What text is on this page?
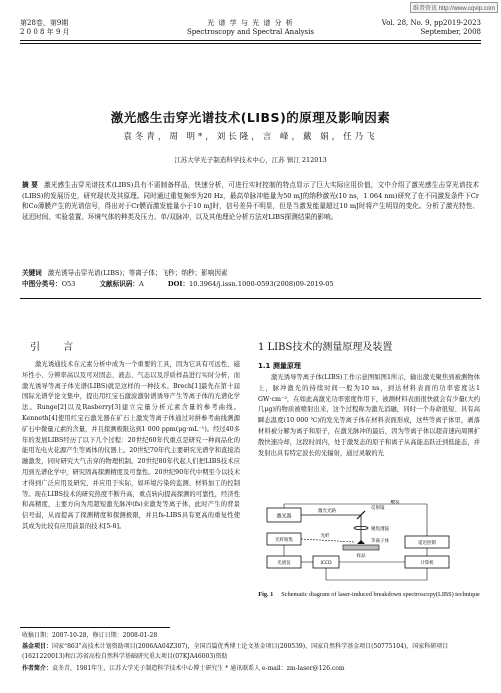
维普资讯 http://www.cqvip.com
第28卷，第9期
2 0 0 8 年 9 月
光 谱 学 与 光 谱 分 析
Spectroscopy and Spectral Analysis
Vol. 28, No. 9, pp2019-2023
September, 2008
激光感生击穿光谱技术(LIBS)的原理及影响因素
袁冬青，周 明*，刘长隆，言 峰，戴 娟，任乃飞
江苏大学光子制造科学技术中心，江苏 镇江 212013
摘 要 激光感生击穿光谱技术(LIBS)具有不需制备样品，快速分析，可进行实时控制的特点显示了巨大实际应用价值，文中介绍了激光感生击穿光谱技术(LIBS)的发展历史，研究现状及其原理。同时通过重复频率为20 Hz，最高单脉冲能量为50 mJ的纳秒激光(10 ns，1 064 nm)研究了在不同激发条件下Cr和Co薄膜产生的光谱信号，得出对于Cr膜而激发能量小于10 mJ时，信号差异不明显，但是当激发能量超过10 mJ时将产生明显的变化。分析了激光特性、延迟时间、实验装置、环境气体的种类及压力、单/双脉冲，以及其他理论分析方法对LIBS探测结果的影响。
关键词 激光诱导击穿光谱(LIBS)；等离子体；飞秒；纳秒；影响因素
中图分类号：O53	文献标识码：A	DOI：10.3964/j.issn.1000-0593(2008)09-2019-05
引 言	1 LIBS技术的测量原理及装置
激光诱通技术在元素分析中成为一个重要的工具，因为它具有可远性、磁坏性小、分辨率高以及可对固态、液态、气态以及浮质样品进行实时分析，而激光诱导等离子体光谱(LIBS)就是这样的一种技术。Brech[1]最先在第十届国际光谱学论文集中，提出用红宝石激波激射谱诱导产生等离子体的光谱化学法。Runge[2]以及Rasberry[3]建立完量分析元素含量的参考曲线。Kenneth[4]使用红宝石激光器在矿石上激发等离子体通过对拼参考曲线测源矿石中微量元素的含量，并且探测极限达到1 000 ppm(μg·mL⁻¹)。经过40多年的发展LIBS经历了以下几个过程：20世纪60年代重点是研究一种商品化的能用光电火花源产生等离体的仪器上。20世纪70年代主要研究光谱学和直接消融激发，同时研究大气击穿的物理机制。20世纪80年代起人们把LIBS技术应用到光谱化学中，研究固高探测精度及可靠性。20世纪90年代中期至今以技术才得到广泛应用及研究，并应用于实际，如环境污染的监测、材料加工的控制等。现在LIBS技术的研究热度不断升高，重点转向提高探测的可靠性，经济性和高精度，主要方向为用超短激光脉冲(fs)来激发等离子体，此时产生的背景信号弱，从而提高了探测精度和探测极限，并且fs-LIBS具有更高的重复性使其成为比较有应用前景的技术[5-8]。
1.1 测量原理
激光诱导等离子体(LIBS)工作示意图如图1所示，输出激光聚焦到被测物体上，脉冲激光的持续时间一般为10 ns，到达材料表面的功率密度达1 GW·cm⁻²，在如此高激光功率密度作用下，被测材料表面很快就会有少量(大约几μg)的物质被喷射出来，这个过程称为激光消融，同时一个寿命很短、具有高瞬态温度(10 000 ℃)的发光等离子体在材料表面形成，这些等离子体里，剥落材料被分解为离子和原子，在激光脉冲的最后，因为等离子体以超音速向周围扩散快速冷却，这段时间内，处于激发态的原子和离子从高能态跃迁到低能态，并发射出具有特定波长的光辐射，通过灵敏的光
激光器
激光光路
反射镜
聚焦透镜
等离子体
样品
光纤收集
光纤
光谱仪	ICCD
延迟控制
计算机
触发
Fig. 1 Schematic diagram of laser-induced breakdown spectroscopy(LIBS) technique
收稿日期：2007-10-28，修订日期：2008-01-28
基金项目：国家“863”高技术计划资助项目(2006AA04Z307)，全国百篇优秀博士论文基金项目(200539)，国家自然科学基金项目(50775104)，国家科研项目(1621220013)和江苏省高校自然科学基础研究重大项目(07KJA46003)资助
作者简介：袁冬青，1981年生，江苏大学光子制造科学技术中心博士研究生 * 通讯联系人 e-mail：zm-laser@126.com
